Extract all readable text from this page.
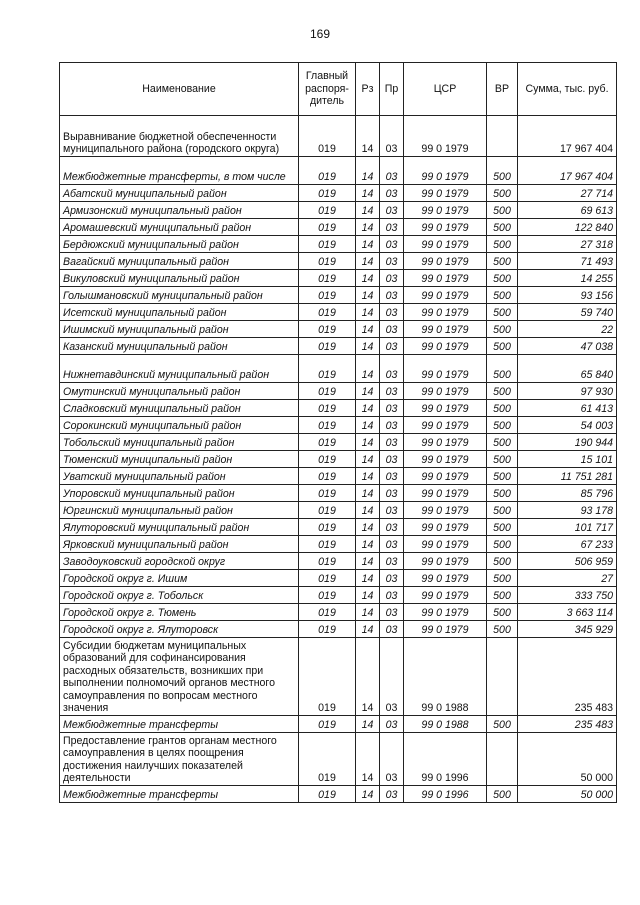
169
Наименование	Главный распоря-дитель	Рз	Пр	ЦСР	ВР	Сумма, тыс. руб.
Выравнивание бюджетной обеспеченности муниципального района (городского округа)	019	14	03	99 0 1979		17 967 404
Межбюджетные трансферты, в том числе	019	14	03	99 0 1979	500	17 967 404
Абатский муниципальный район	019	14	03	99 0 1979	500	27 714
Армизонский муниципальный район	019	14	03	99 0 1979	500	69 613
Аромашевский муниципальный район	019	14	03	99 0 1979	500	122 840
Бердюжский муниципальный район	019	14	03	99 0 1979	500	27 318
Вагайский муниципальный район	019	14	03	99 0 1979	500	71 493
Викуловский муниципальный район	019	14	03	99 0 1979	500	14 255
Голышмановский муниципальный район	019	14	03	99 0 1979	500	93 156
Исетский муниципальный район	019	14	03	99 0 1979	500	59 740
Ишимский муниципальный район	019	14	03	99 0 1979	500	22
Казанский муниципальный район	019	14	03	99 0 1979	500	47 038
Нижнетавдинский муниципальный район	019	14	03	99 0 1979	500	65 840
Омутинский муниципальный район	019	14	03	99 0 1979	500	97 930
Сладковский муниципальный район	019	14	03	99 0 1979	500	61 413
Сорокинский муниципальный район	019	14	03	99 0 1979	500	54 003
Тобольский муниципальный район	019	14	03	99 0 1979	500	190 944
Тюменский муниципальный район	019	14	03	99 0 1979	500	15 101
Уватский муниципальный район	019	14	03	99 0 1979	500	11 751 281
Упоровский муниципальный район	019	14	03	99 0 1979	500	85 796
Юргинский муниципальный район	019	14	03	99 0 1979	500	93 178
Ялуторовский муниципальный район	019	14	03	99 0 1979	500	101 717
Ярковский муниципальный район	019	14	03	99 0 1979	500	67 233
Заводоуковский городской округ	019	14	03	99 0 1979	500	506 959
Городской округ г. Ишим	019	14	03	99 0 1979	500	27
Городской округ г. Тобольск	019	14	03	99 0 1979	500	333 750
Городской округ г. Тюмень	019	14	03	99 0 1979	500	3 663 114
Городской округ г. Ялуторовск	019	14	03	99 0 1979	500	345 929
Субсидии бюджетам муниципальных образований для софинансирования расходных обязательств, возникших при выполнении полномочий органов местного самоуправления по вопросам местного значения	019	14	03	99 0 1988		235 483
Межбюджетные трансферты	019	14	03	99 0 1988	500	235 483
Предоставление грантов органам местного самоуправления в целях поощрения достижения наилучших показателей деятельности	019	14	03	99 0 1996		50 000
Межбюджетные трансферты	019	14	03	99 0 1996	500	50 000
